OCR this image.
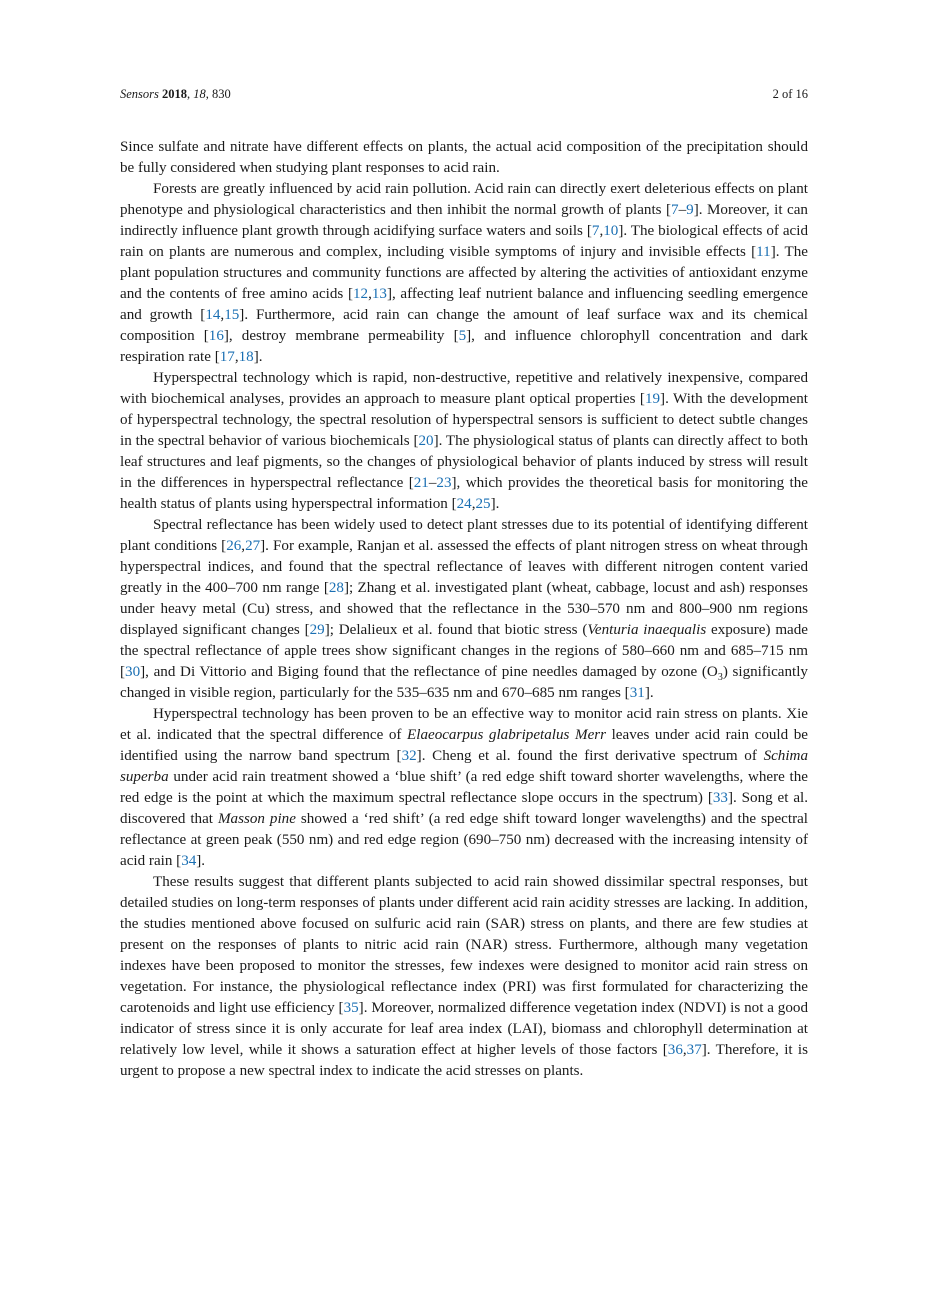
Sensors 2018, 18, 830	2 of 16

Since sulfate and nitrate have different effects on plants, the actual acid composition of the precipitation should be fully considered when studying plant responses to acid rain.

Forests are greatly influenced by acid rain pollution. Acid rain can directly exert deleterious effects on plant phenotype and physiological characteristics and then inhibit the normal growth of plants [7–9]. Moreover, it can indirectly influence plant growth through acidifying surface waters and soils [7,10]. The biological effects of acid rain on plants are numerous and complex, including visible symptoms of injury and invisible effects [11]. The plant population structures and community functions are affected by altering the activities of antioxidant enzyme and the contents of free amino acids [12,13], affecting leaf nutrient balance and influencing seedling emergence and growth [14,15]. Furthermore, acid rain can change the amount of leaf surface wax and its chemical composition [16], destroy membrane permeability [5], and influence chlorophyll concentration and dark respiration rate [17,18].

Hyperspectral technology which is rapid, non-destructive, repetitive and relatively inexpensive, compared with biochemical analyses, provides an approach to measure plant optical properties [19]. With the development of hyperspectral technology, the spectral resolution of hyperspectral sensors is sufficient to detect subtle changes in the spectral behavior of various biochemicals [20]. The physiological status of plants can directly affect to both leaf structures and leaf pigments, so the changes of physiological behavior of plants induced by stress will result in the differences in hyperspectral reflectance [21–23], which provides the theoretical basis for monitoring the health status of plants using hyperspectral information [24,25].

Spectral reflectance has been widely used to detect plant stresses due to its potential of identifying different plant conditions [26,27]. For example, Ranjan et al. assessed the effects of plant nitrogen stress on wheat through hyperspectral indices, and found that the spectral reflectance of leaves with different nitrogen content varied greatly in the 400–700 nm range [28]; Zhang et al. investigated plant (wheat, cabbage, locust and ash) responses under heavy metal (Cu) stress, and showed that the reflectance in the 530–570 nm and 800–900 nm regions displayed significant changes [29]; Delalieux et al. found that biotic stress (Venturia inaequalis exposure) made the spectral reflectance of apple trees show significant changes in the regions of 580–660 nm and 685–715 nm [30], and Di Vittorio and Biging found that the reflectance of pine needles damaged by ozone $(O_3)$ significantly changed in visible region, particularly for the 535–635 nm and 670–685 nm ranges [31].

Hyperspectral technology has been proven to be an effective way to monitor acid rain stress on plants. Xie et al. indicated that the spectral difference of Elaeocarpus glabripetalus Merr leaves under acid rain could be identified using the narrow band spectrum [32]. Cheng et al. found the first derivative spectrum of Schima superba under acid rain treatment showed a ‘blue shift’ (a red edge shift toward shorter wavelengths, where the red edge is the point at which the maximum spectral reflectance slope occurs in the spectrum) [33]. Song et al. discovered that Masson pine showed a ‘red shift’ (a red edge shift toward longer wavelengths) and the spectral reflectance at green peak (550 nm) and red edge region (690–750 nm) decreased with the increasing intensity of acid rain [34].

These results suggest that different plants subjected to acid rain showed dissimilar spectral responses, but detailed studies on long-term responses of plants under different acid rain acidity stresses are lacking. In addition, the studies mentioned above focused on sulfuric acid rain (SAR) stress on plants, and there are few studies at present on the responses of plants to nitric acid rain (NAR) stress. Furthermore, although many vegetation indexes have been proposed to monitor the stresses, few indexes were designed to monitor acid rain stress on vegetation. For instance, the physiological reflectance index (PRI) was first formulated for characterizing the carotenoids and light use efficiency [35]. Moreover, normalized difference vegetation index (NDVI) is not a good indicator of stress since it is only accurate for leaf area index (LAI), biomass and chlorophyll determination at relatively low level, while it shows a saturation effect at higher levels of those factors [36,37]. Therefore, it is urgent to propose a new spectral index to indicate the acid stresses on plants.
